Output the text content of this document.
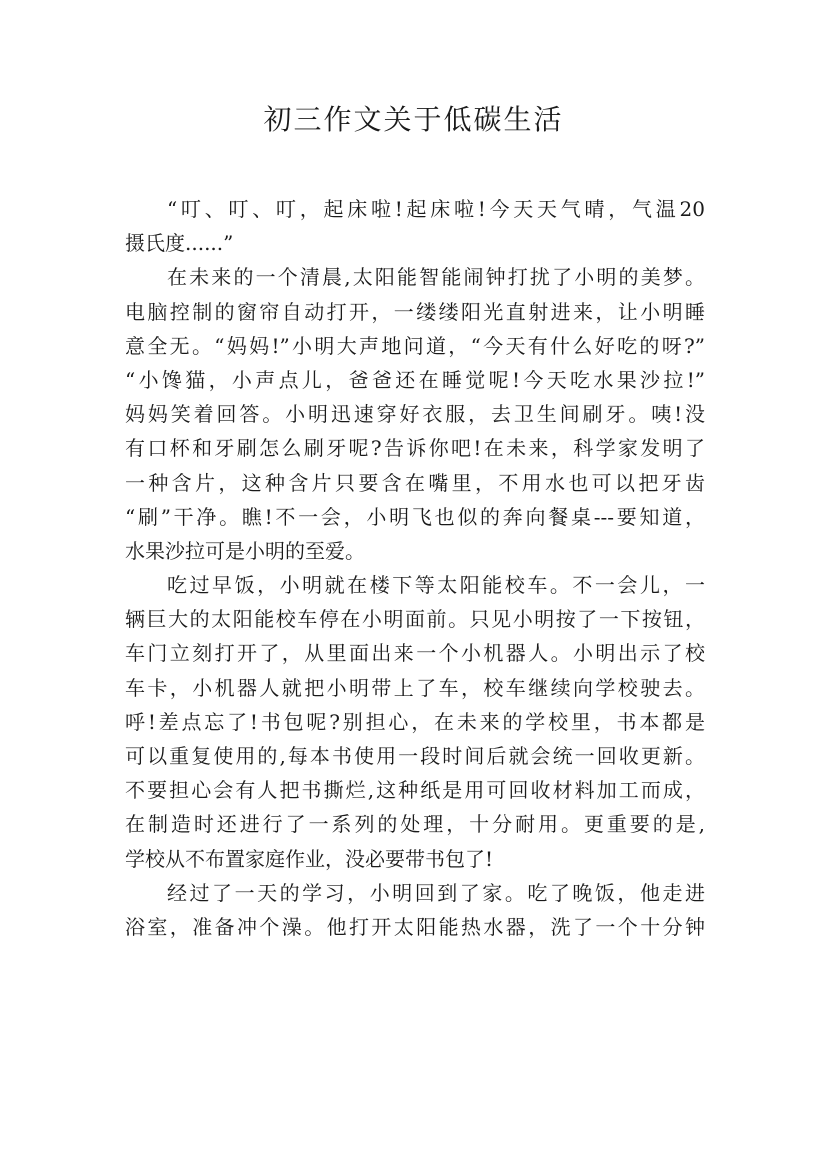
初三作文关于低碳生活
“叮、叮、叮，起床啦!起床啦!今天天气晴，气温20
摄氏度......”
在未来的一个清晨,太阳能智能闹钟打扰了小明的美梦。
电脑控制的窗帘自动打开，一缕缕阳光直射进来，让小明睡
意全无。“妈妈!”小明大声地问道，“今天有什么好吃的呀?”
“小馋猫，小声点儿，爸爸还在睡觉呢!今天吃水果沙拉!”
妈妈笑着回答。小明迅速穿好衣服，去卫生间刷牙。咦!没
有口杯和牙刷怎么刷牙呢?告诉你吧!在未来，科学家发明了
一种含片，这种含片只要含在嘴里，不用水也可以把牙齿
“刷”干净。瞧!不一会，小明飞也似的奔向餐桌---要知道，
水果沙拉可是小明的至爱。
吃过早饭，小明就在楼下等太阳能校车。不一会儿，一
辆巨大的太阳能校车停在小明面前。只见小明按了一下按钮，
车门立刻打开了，从里面出来一个小机器人。小明出示了校
车卡，小机器人就把小明带上了车，校车继续向学校驶去。
呼!差点忘了!书包呢?别担心，在未来的学校里，书本都是
可以重复使用的,每本书使用一段时间后就会统一回收更新。
不要担心会有人把书撕烂,这种纸是用可回收材料加工而成，
在制造时还进行了一系列的处理，十分耐用。更重要的是,
学校从不布置家庭作业，没必要带书包了!
经过了一天的学习，小明回到了家。吃了晚饭，他走进
浴室，准备冲个澡。他打开太阳能热水器，洗了一个十分钟
